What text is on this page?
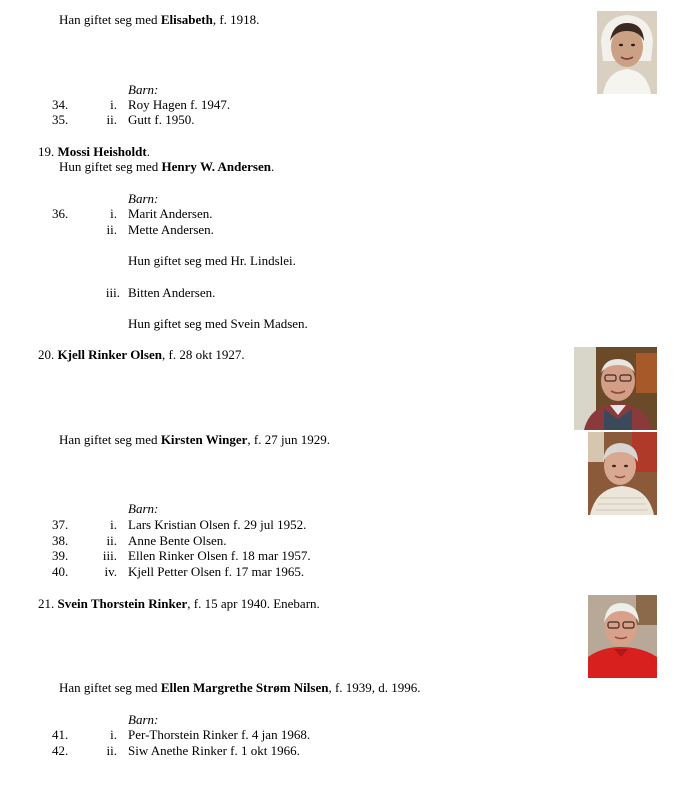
Han giftet seg med Elisabeth, f. 1918.
Barn:
34.	i. Roy Hagen f. 1947.
35.	ii. Gutt f. 1950.
19. Mossi Heisholdt.
Hun giftet seg med Henry W. Andersen.
Barn:
36.	i. Marit Andersen.
ii. Mette Andersen.
Hun giftet seg med Hr. Lindslei.
iii. Bitten Andersen.
Hun giftet seg med Svein Madsen.
20. Kjell Rinker Olsen, f. 28 okt 1927.
Han giftet seg med Kirsten Winger, f. 27 jun 1929.
Barn:
37.	i. Lars Kristian Olsen f. 29 jul 1952.
38.	ii. Anne Bente Olsen.
39.	iii. Ellen Rinker Olsen f. 18 mar 1957.
40.	iv. Kjell Petter Olsen f. 17 mar 1965.
21. Svein Thorstein Rinker, f. 15 apr 1940. Enebarn.
Han giftet seg med Ellen Margrethe Strøm Nilsen, f. 1939, d. 1996.
Barn:
41.	i. Per-Thorstein Rinker f. 4 jan 1968.
42.	ii. Siw Anethe Rinker f. 1 okt 1966.
